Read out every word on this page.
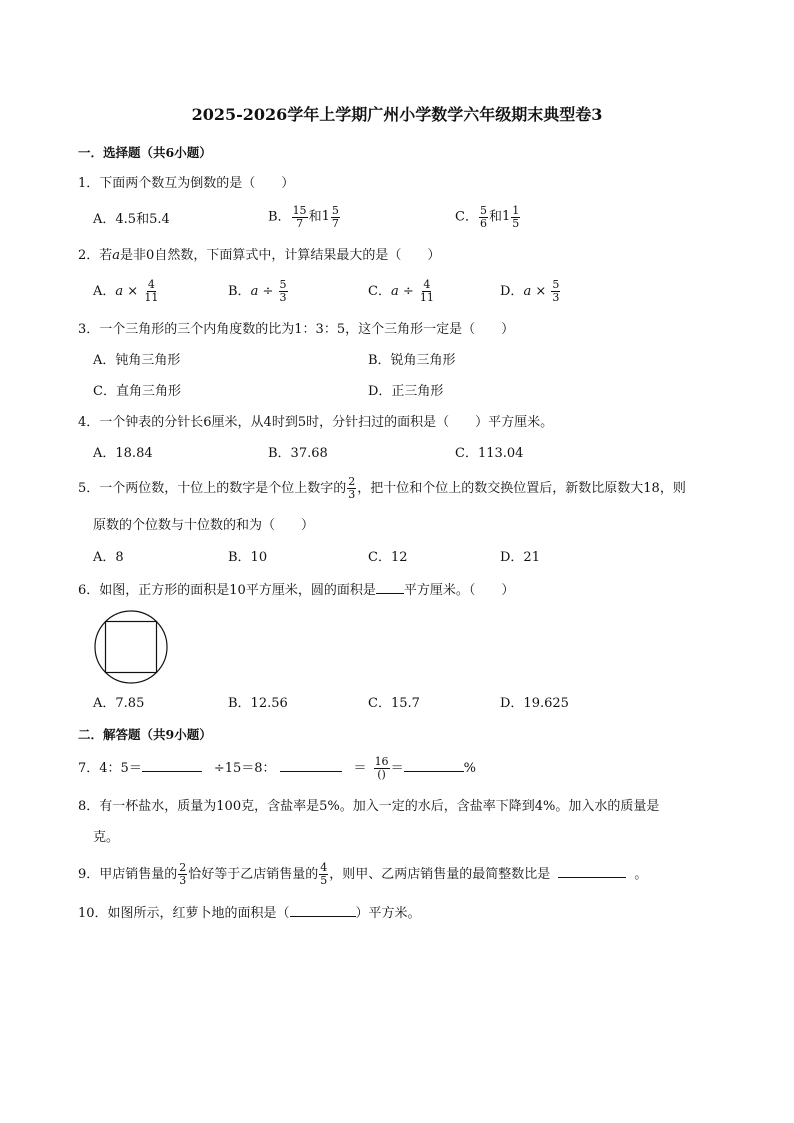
2025-2026学年上学期广州小学数学六年级期末典型卷3
一．选择题（共6小题）
1．下面两个数互为倒数的是（　　）
A．4.5和5.4	B． $\frac{15}{7}$ 和 $1 \frac{5}{7}$	C． $\frac{5}{6}$ 和 $1 \frac{1}{5}$
2．若a是非0自然数，下面算式中，计算结果最大的是（　　）
A．$a \times \frac{4}{11}$	B．$a \div \frac{5}{3}$	C．$a \div \frac{4}{11}$	D．$a \times \frac{5}{3}$
3．一个三角形的三个内角度数的比为1：3：5，这个三角形一定是（　　）
A．钝角三角形	B．锐角三角形
C．直角三角形	D．正三角形
4．一个钟表的分针长6厘米，从4时到5时，分针扫过的面积是（　　）平方厘米。
A．18.84	B．37.68	C．113.04
5．一个两位数，十位上的数字是个位上数字的 $\frac{2}{3}$ ，把十位和个位上的数交换位置后，新数比原数大18，则
原数的个位数与十位数的和为（　　）
A．8	B．10	C．12	D．21
6．如图，正方形的面积是10平方厘米，圆的面积是 平方厘米。（　　）
A．7.85	B．12.56	C．15.7	D．19.625
二．解答题（共9小题）
7．4：5＝	÷15＝8：	＝ $\frac{16}{()}$ ＝	%
8．有一杯盐水，质量为100克，含盐率是5%。加入一定的水后，含盐率下降到4%。加入水的质量是
克。
9．甲店销售量的 $\frac{2}{3}$ 恰好等于乙店销售量的 $\frac{4}{5}$ ，则甲、乙两店销售量的最简整数比是	。
10．如图所示，红萝卜地的面积是（	）平方米。
